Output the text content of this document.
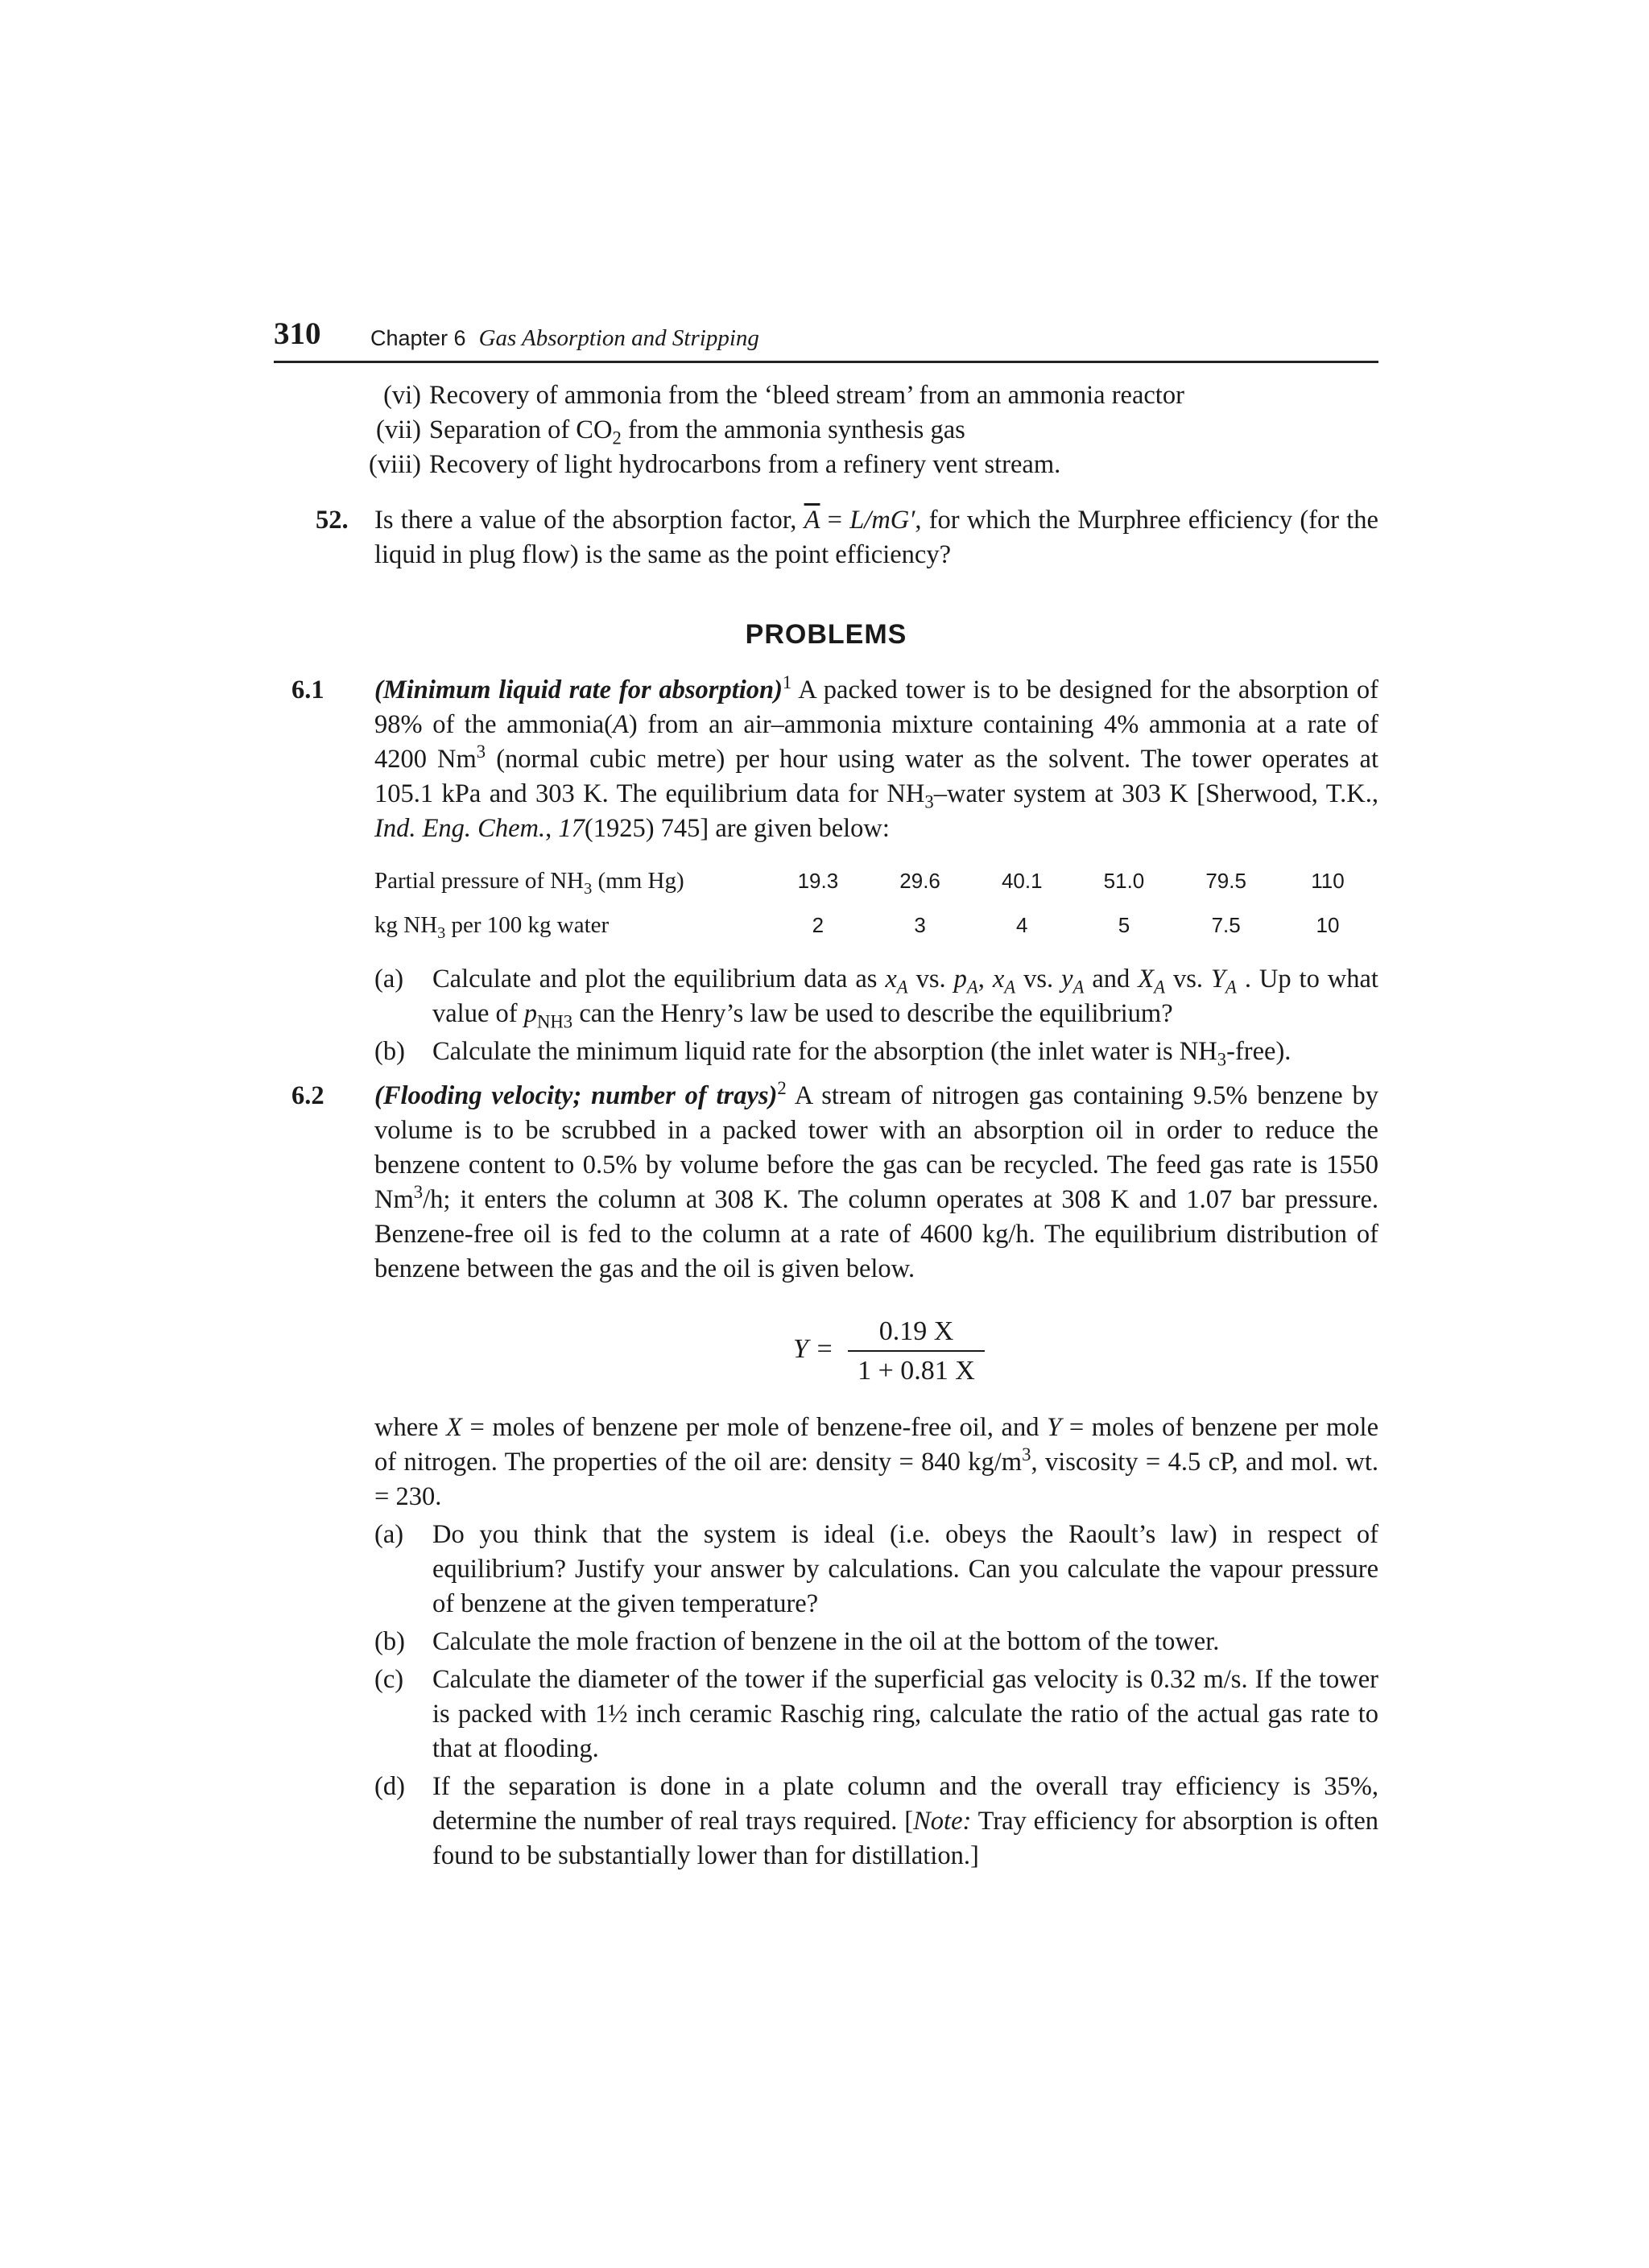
310 Chapter 6 Gas Absorption and Stripping

(vi) Recovery of ammonia from the ‘bleed stream’ from an ammonia reactor

(vii) Separation of $CO_2$ from the ammonia synthesis gas

(viii) Recovery of light hydrocarbons from a refinery vent stream.

52. Is there a value of the absorption factor, $\overline{A} = L/mG'$, for which the Murphree efficiency (for the liquid in plug flow) is the same as the point efficiency?
PROBLEMS
6.1 (Minimum liquid rate for absorption)$^1$ A packed tower is to be designed for the absorption of 98% of the ammonia(A) from an air–ammonia mixture containing 4% ammonia at a rate of 4200 Nm$^3$ (normal cubic metre) per hour using water as the solvent. The tower operates at 105.1 kPa and 303 K. The equilibrium data for $NH_3$–water system at 303 K [Sherwood, T.K., Ind. Eng. Chem., 17(1925) 745] are given below:

Partial pressure of $NH_3$ (mm Hg)	19.3	29.6	40.1	51.0	79.5	110
kg $NH_3$ per 100 kg water	2	3	4	5	7.5	10
(a) Calculate and plot the equilibrium data as $x_A$ vs. $p_A$, $x_A$ vs. $y_A$ and $X_A$ vs. $Y_A$ . Up to what value of $p_{NH3}$ can the Henry’s law be used to describe the equilibrium?
(b) Calculate the minimum liquid rate for the absorption (the inlet water is $NH_3-free$).
6.2 (Flooding velocity; number of trays)$^2$ A stream of nitrogen gas containing 9.5% benzene by volume is to be scrubbed in a packed tower with an absorption oil in order to reduce the benzene content to 0.5% by volume before the gas can be recycled. The feed gas rate is 1550 Nm$^3$/h; it enters the column at 308 K. The column operates at 308 K and 1.07 bar pressure. Benzene-free oil is fed to the column at a rate of 4600 kg/h. The equilibrium distribution of benzene between the gas and the oil is given below.

$Y = \frac{0.19 X}{1 + 0.81 X}$

where X = moles of benzene per mole of benzene-free oil, and Y = moles of benzene per mole of nitrogen. The properties of the oil are: density = 840 $kg/m^3$, viscosity = 4.5 cP, and mol. wt. = 230.

(a) Do you think that the system is ideal (i.e. obeys the Raoult’s law) in respect of equilibrium? Justify your answer by calculations. Can you calculate the vapour pressure of benzene at the given temperature?
(b) Calculate the mole fraction of benzene in the oil at the bottom of the tower.
(c) Calculate the diameter of the tower if the superficial gas velocity is 0.32 m/s. If the tower is packed with 1½ inch ceramic Raschig ring, calculate the ratio of the actual gas rate to that at flooding.
(d) If the separation is done in a plate column and the overall tray efficiency is 35%, determine the number of real trays required. [Note: Tray efficiency for absorption is often found to be substantially lower than for distillation.]
